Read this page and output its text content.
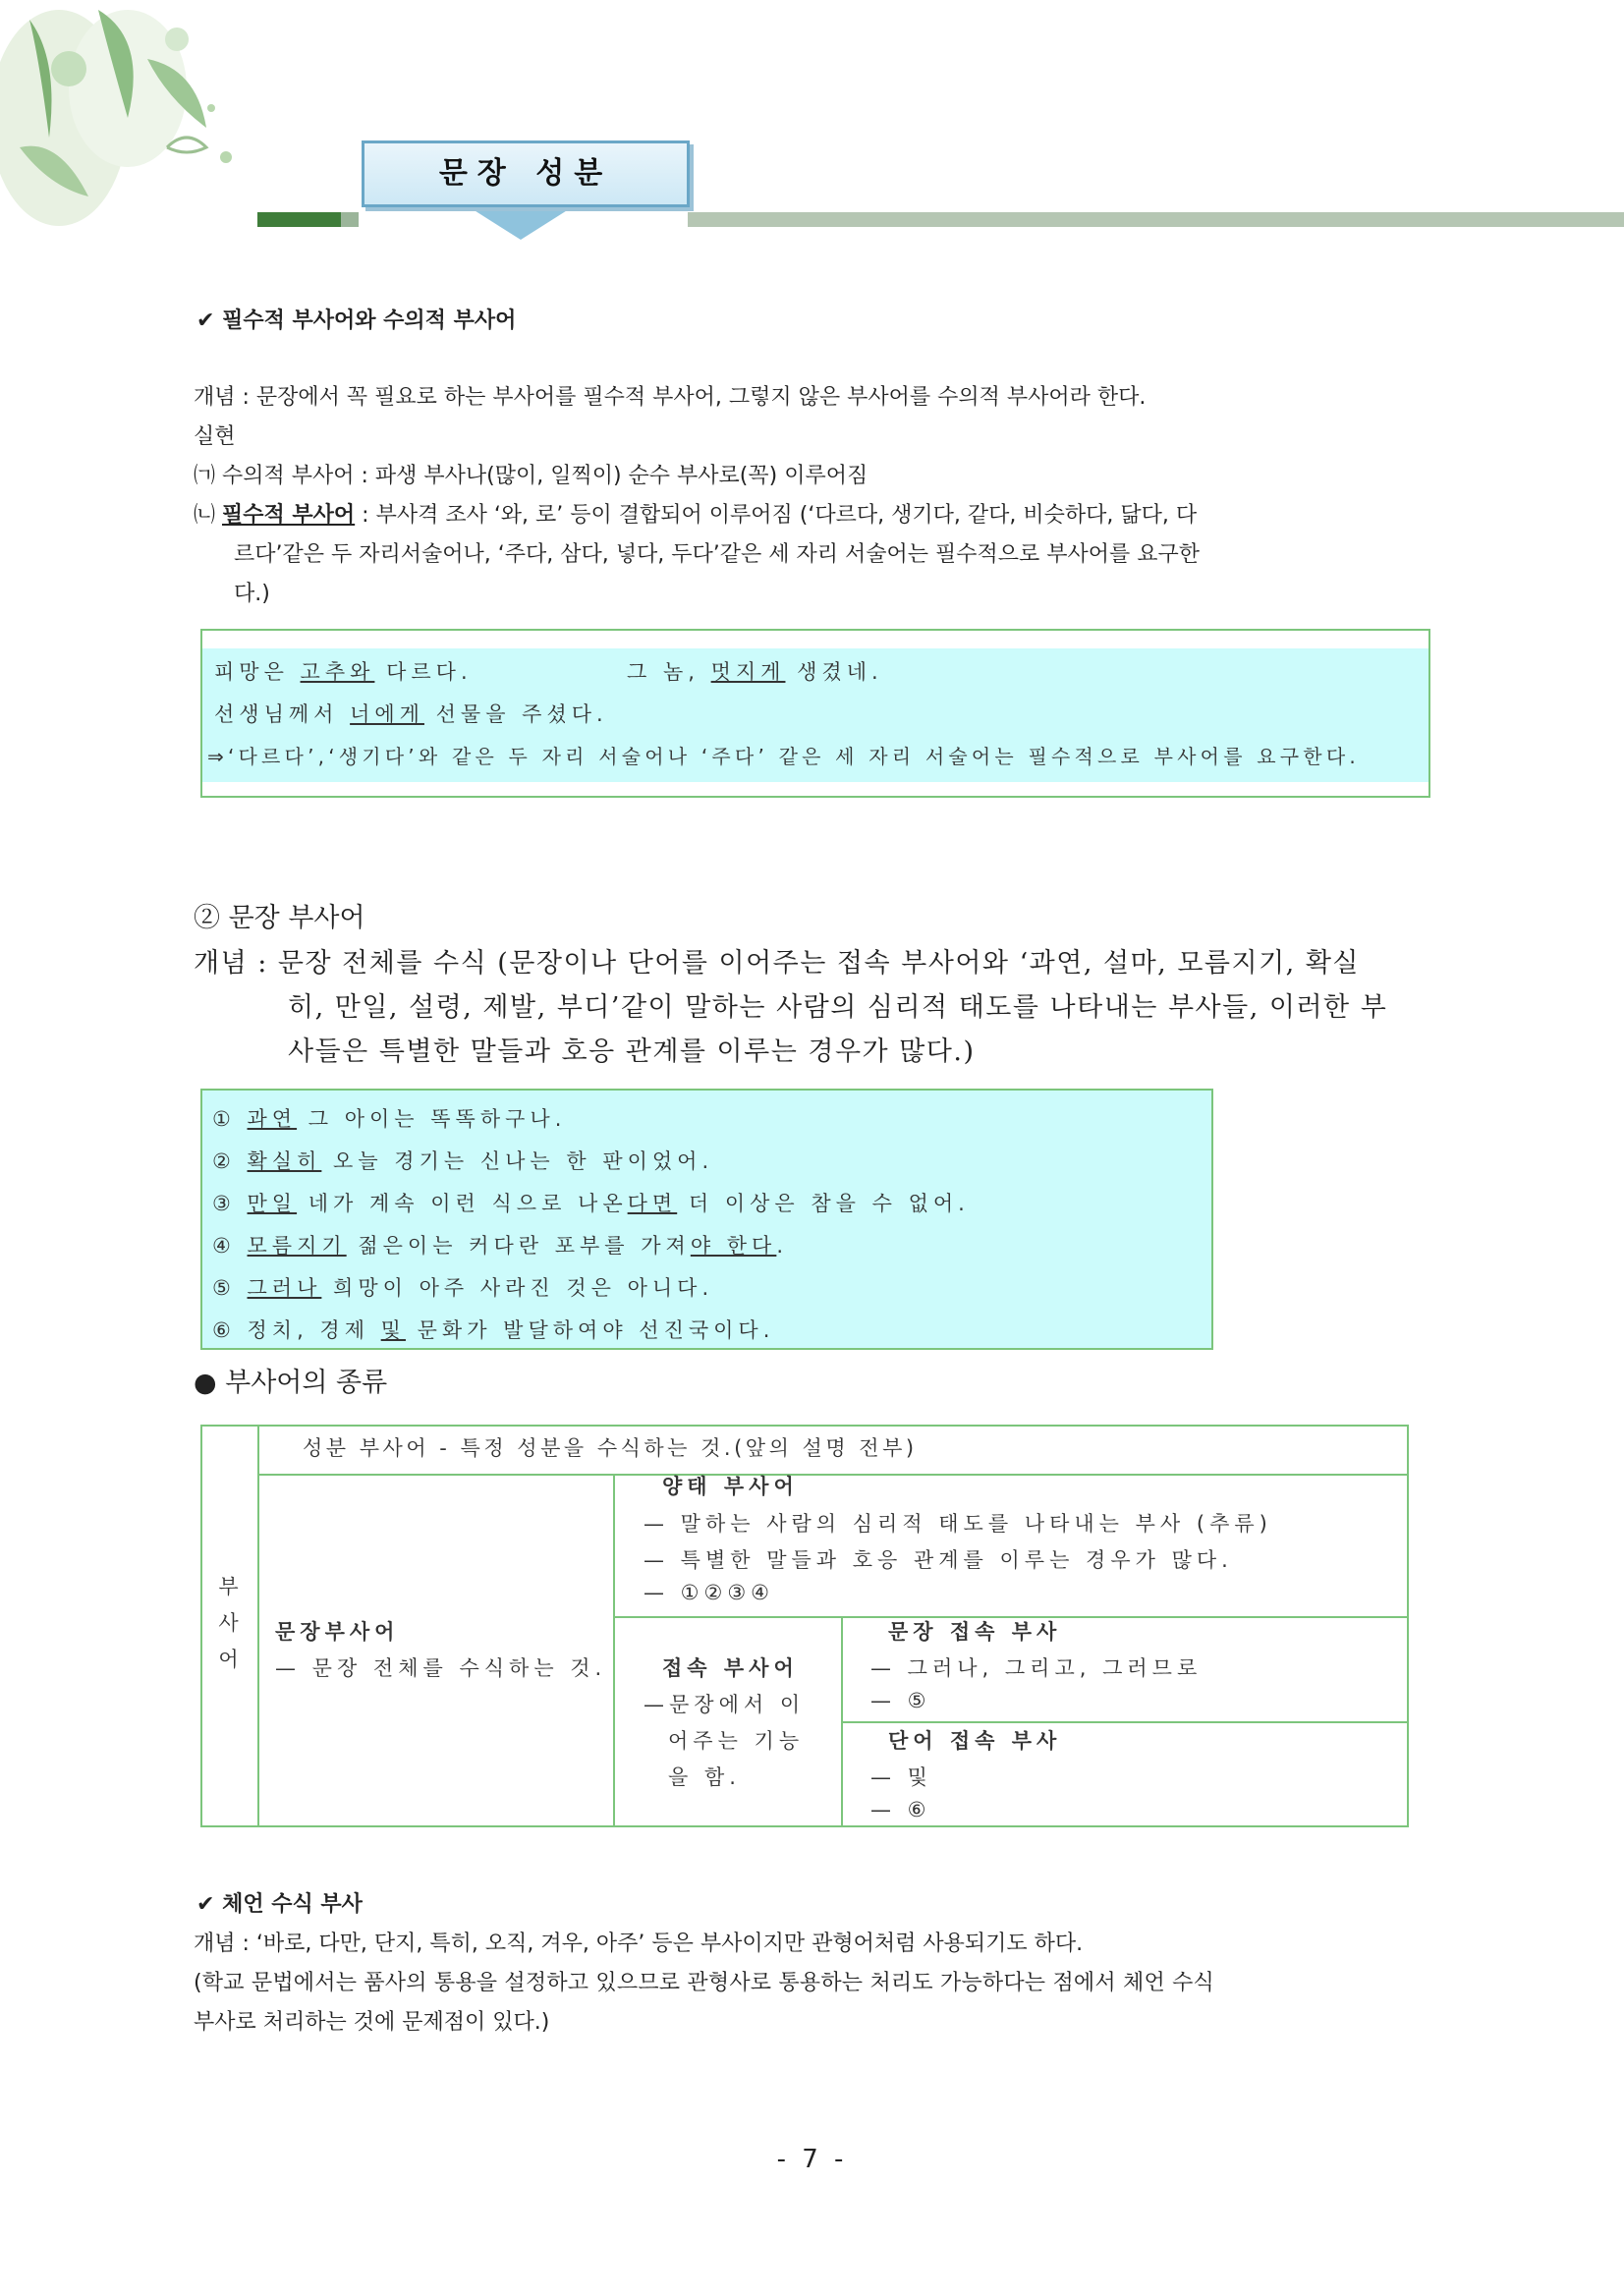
문장 성분
✔ 필수적 부사어와 수의적 부사어
개념 : 문장에서 꼭 필요로 하는 부사어를 필수적 부사어, 그렇지 않은 부사어를 수의적 부사어라 한다.
실현
㈀ 수의적 부사어 : 파생 부사나(많이, 일찍이) 순수 부사로(꼭) 이루어짐
㈁ 필수적 부사어 : 부사격 조사 ‘와, 로’ 등이 결합되어 이루어짐 (‘다르다, 생기다, 같다, 비슷하다, 닮다, 다
르다’같은 두 자리서술어나, ‘주다, 삼다, 넣다, 두다’같은 세 자리 서술어는 필수적으로 부사어를 요구한
다.)
피망은 고추와 다르다.	그 놈, 멋지게 생겼네.
선생님께서 너에게 선물을 주셨다.
⇒‘다르다’,‘생기다’와 같은 두 자리 서술어나 ‘주다’ 같은 세 자리 서술어는 필수적으로 부사어를 요구한다.
② 문장 부사어
개념 : 문장 전체를 수식 (문장이나 단어를 이어주는 접속 부사어와 ‘과연, 설마, 모름지기, 확실
히, 만일, 설령, 제발, 부디’같이 말하는 사람의 심리적 태도를 나타내는 부사들, 이러한 부
사들은 특별한 말들과 호응 관계를 이루는 경우가 많다.)
① 과연 그 아이는 똑똑하구나.
② 확실히 오늘 경기는 신나는 한 판이었어.
③ 만일 네가 계속 이런 식으로 나온다면 더 이상은 참을 수 없어.
④ 모름지기 젊은이는 커다란 포부를 가져야 한다.
⑤ 그러나 희망이 아주 사라진 것은 아니다.
⑥ 정치, 경제 및 문화가 발달하여야 선진국이다.
● 부사어의 종류
부
사
어
성분 부사어 - 특정 성분을 수식하는 것.(앞의 설명 전부)
양태 부사어
— 말하는 사람의 심리적 태도를 나타내는 부사 (추류)
— 특별한 말들과 호응 관계를 이루는 경우가 많다.
— ①②③④
문장부사어
— 문장 전체를 수식하는 것.	접속 부사어
—문장에서 이
어주는 기능
을 함.
문장 접속 부사
— 그러나, 그리고, 그러므로
— ⑤
단어 접속 부사
— 및
— ⑥
✔ 체언 수식 부사
개념 : ‘바로, 다만, 단지, 특히, 오직, 겨우, 아주’ 등은 부사이지만 관형어처럼 사용되기도 하다.
(학교 문법에서는 품사의 통용을 설정하고 있으므로 관형사로 통용하는 처리도 가능하다는 점에서 체언 수식
부사로 처리하는 것에 문제점이 있다.)
- 7 -
